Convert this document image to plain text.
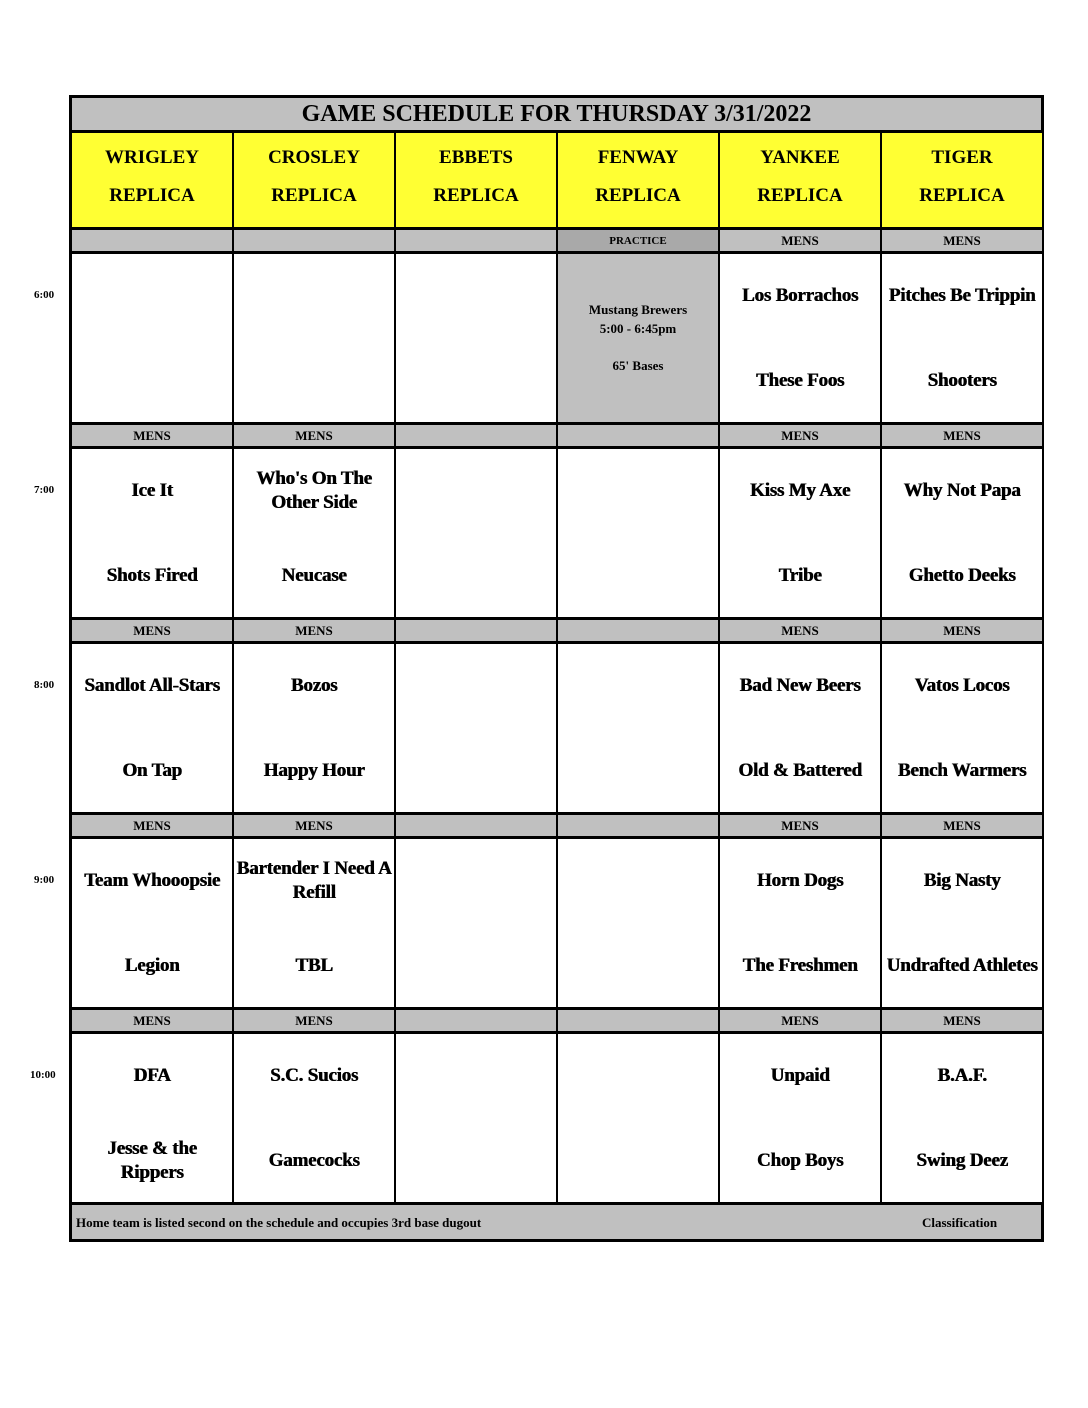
GAME SCHEDULE FOR THURSDAY 3/31/2022
WRIGLEY
REPLICA
CROSLEY
REPLICA
EBBETS
REPLICA
FENWAY
REPLICA
YANKEE
REPLICA
TIGER
REPLICA
PRACTICE
Mustang Brewers
5:00 - 6:45pm
65' Bases
MENS
Los Borrachos
These Foos
MENS
Pitches Be Trippin
Shooters
MENS
Ice It
Shots Fired
MENS
Who's On The Other Side
Neucase
MENS
Kiss My Axe
Tribe
MENS
Why Not Papa
Ghetto Deeks
MENS
Sandlot All-Stars
On Tap
MENS
Bozos
Happy Hour
MENS
Bad New Beers
Old & Battered
MENS
Vatos Locos
Bench Warmers
MENS
Team Whooopsie
Legion
MENS
Bartender I Need A Refill
TBL
MENS
Horn Dogs
The Freshmen
MENS
Big Nasty
Undrafted Athletes
MENS
DFA
Jesse & the Rippers
MENS
S.C. Sucios
Gamecocks
MENS
Unpaid
Chop Boys
MENS
B.A.F.
Swing Deez
Home team is listed second on the schedule and occupies 3rd base dugout	Classification
6:00
7:00
8:00
9:00
10:00
